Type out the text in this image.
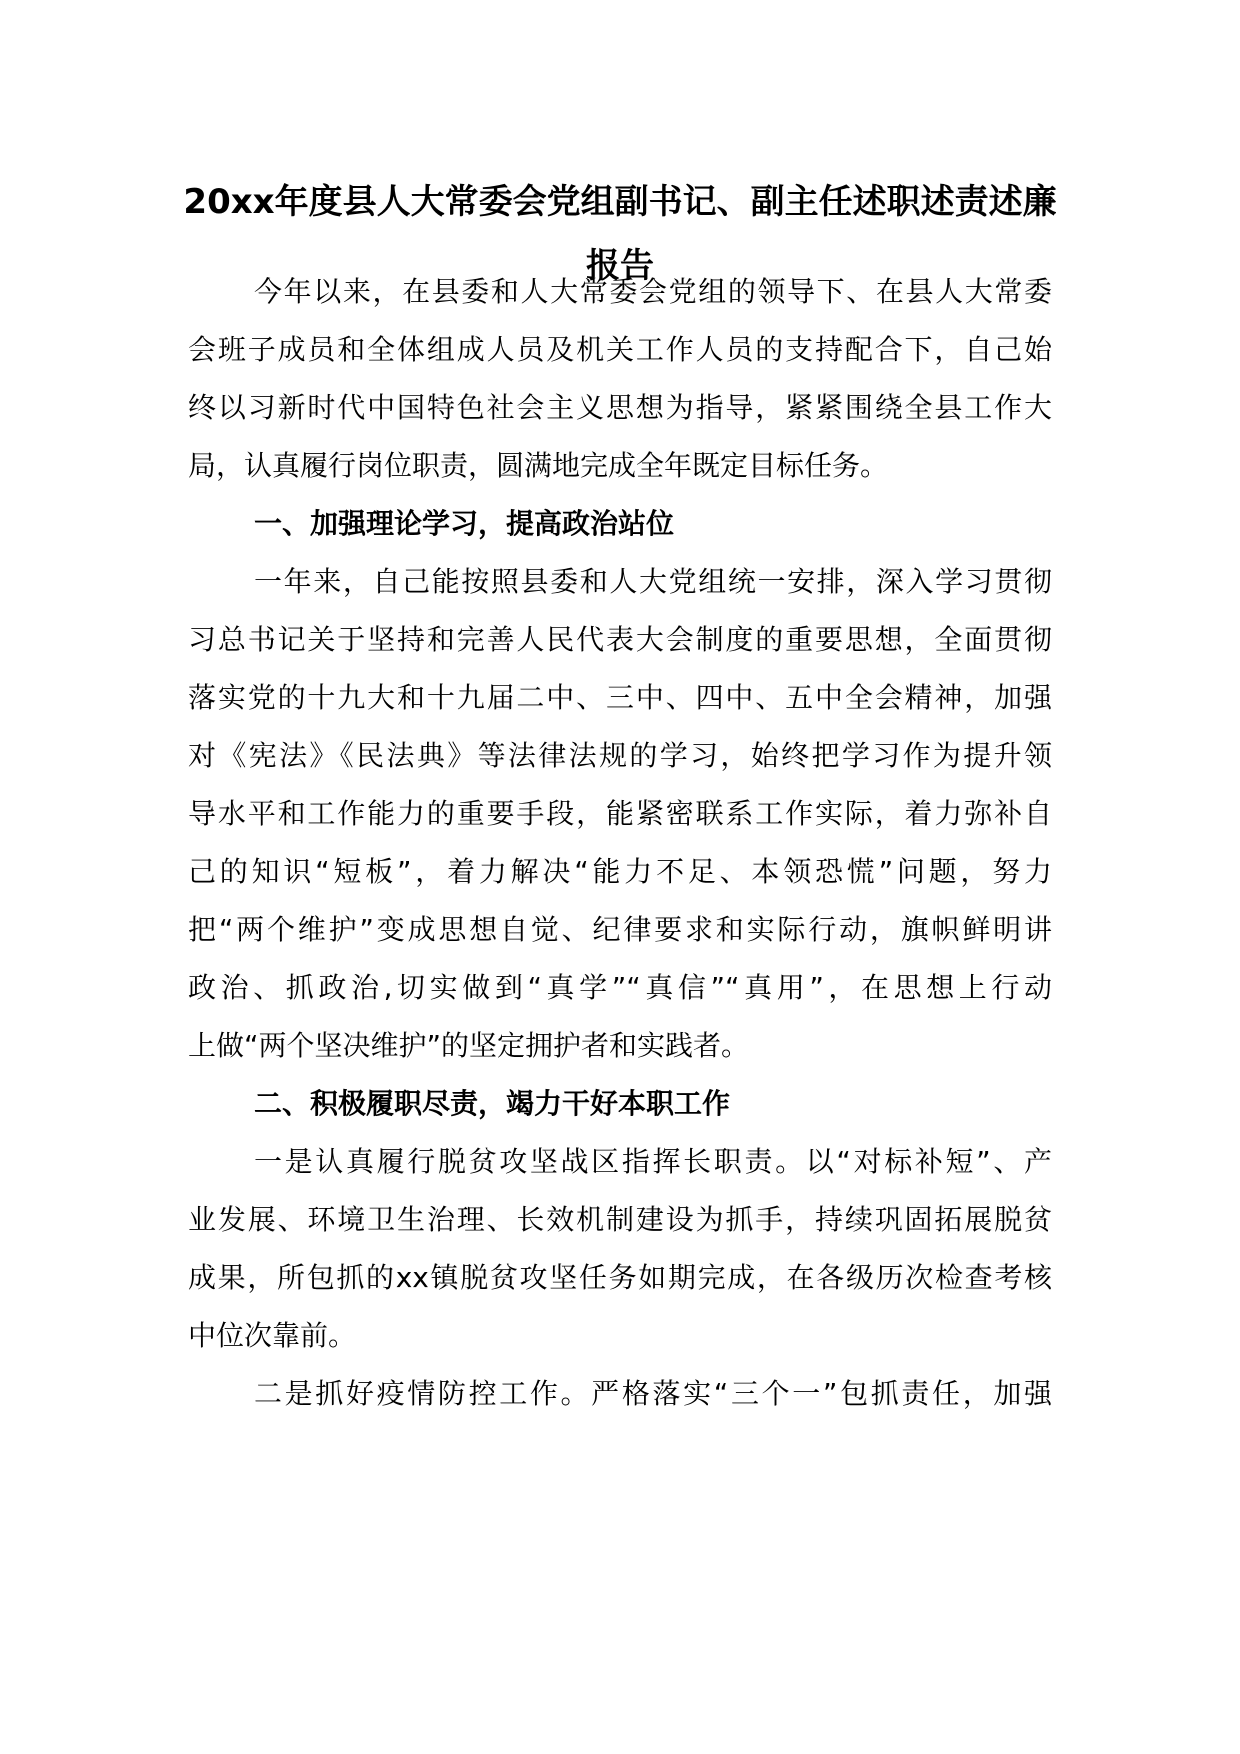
20xx年度县人大常委会党组副书记、副主任述职述责述廉报告
今年以来，在县委和人大常委会党组的领导下、在县人大常委
会班子成员和全体组成人员及机关工作人员的支持配合下，自己始
终以习新时代中国特色社会主义思想为指导，紧紧围绕全县工作大
局，认真履行岗位职责，圆满地完成全年既定目标任务。
一、加强理论学习，提高政治站位
一年来，自己能按照县委和人大党组统一安排，深入学习贯彻
习总书记关于坚持和完善人民代表大会制度的重要思想，全面贯彻
落实党的十九大和十九届二中、三中、四中、五中全会精神，加强
对《宪法》《民法典》等法律法规的学习，始终把学习作为提升领
导水平和工作能力的重要手段，能紧密联系工作实际，着力弥补自
己的知识“短板”，着力解决“能力不足、本领恐慌”问题，努力
把“两个维护”变成思想自觉、纪律要求和实际行动，旗帜鲜明讲
政治、抓政治,切实做到“真学”“真信”“真用”，在思想上行动
上做“两个坚决维护”的坚定拥护者和实践者。
二、积极履职尽责，竭力干好本职工作
一是认真履行脱贫攻坚战区指挥长职责。以“对标补短”、产
业发展、环境卫生治理、长效机制建设为抓手，持续巩固拓展脱贫
成果，所包抓的xx镇脱贫攻坚任务如期完成，在各级历次检查考核
中位次靠前。
二是抓好疫情防控工作。严格落实“三个一”包抓责任，加强
